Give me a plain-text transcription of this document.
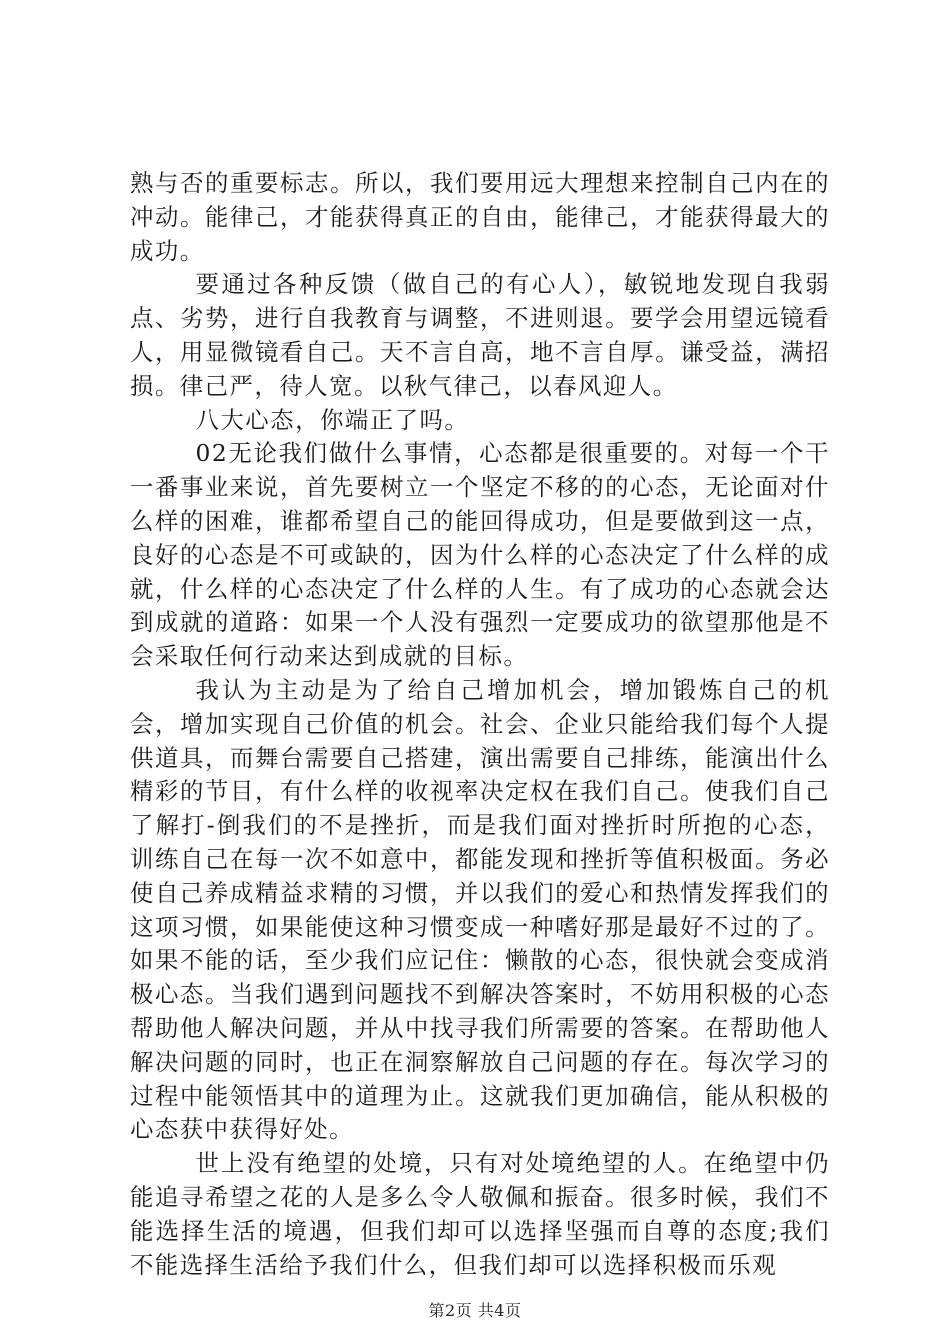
熟与否的重要标志。所以，我们要用远大理想来控制自己内在的冲动。能律己，才能获得真正的自由，能律己，才能获得最大的成功。

要通过各种反馈（做自己的有心人），敏锐地发现自我弱点、劣势，进行自我教育与调整，不进则退。要学会用望远镜看人，用显微镜看自己。天不言自高，地不言自厚。谦受益，满招损。律己严，待人宽。以秋气律己，以春风迎人。

八大心态，你端正了吗。

02无论我们做什么事情，心态都是很重要的。对每一个干一番事业来说，首先要树立一个坚定不移的的心态，无论面对什么样的困难，谁都希望自己的能回得成功，但是要做到这一点，良好的心态是不可或缺的，因为什么样的心态决定了什么样的成就，什么样的心态决定了什么样的人生。有了成功的心态就会达到成就的道路：如果一个人没有强烈一定要成功的欲望那他是不会采取任何行动来达到成就的目标。

我认为主动是为了给自己增加机会，增加锻炼自己的机会，增加实现自己价值的机会。社会、企业只能给我们每个人提供道具，而舞台需要自己搭建，演出需要自己排练，能演出什么精彩的节目，有什么样的收视率决定权在我们自己。使我们自己了解打-倒我们的不是挫折，而是我们面对挫折时所抱的心态，训练自己在每一次不如意中，都能发现和挫折等值积极面。务必使自己养成精益求精的习惯，并以我们的爱心和热情发挥我们的这项习惯，如果能使这种习惯变成一种嗜好那是最好不过的了。如果不能的话，至少我们应记住：懒散的心态，很快就会变成消极心态。当我们遇到问题找不到解决答案时，不妨用积极的心态帮助他人解决问题，并从中找寻我们所需要的答案。在帮助他人解决问题的同时，也正在洞察解放自己问题的存在。每次学习的过程中能领悟其中的道理为止。这就我们更加确信，能从积极的心态获中获得好处。

世上没有绝望的处境，只有对处境绝望的人。在绝望中仍能追寻希望之花的人是多么令人敬佩和振奋。很多时候，我们不能选择生活的境遇，但我们却可以选择坚强而自尊的态度;我们不能选择生活给予我们什么，但我们却可以选择积极而乐观

第2页 共4页
